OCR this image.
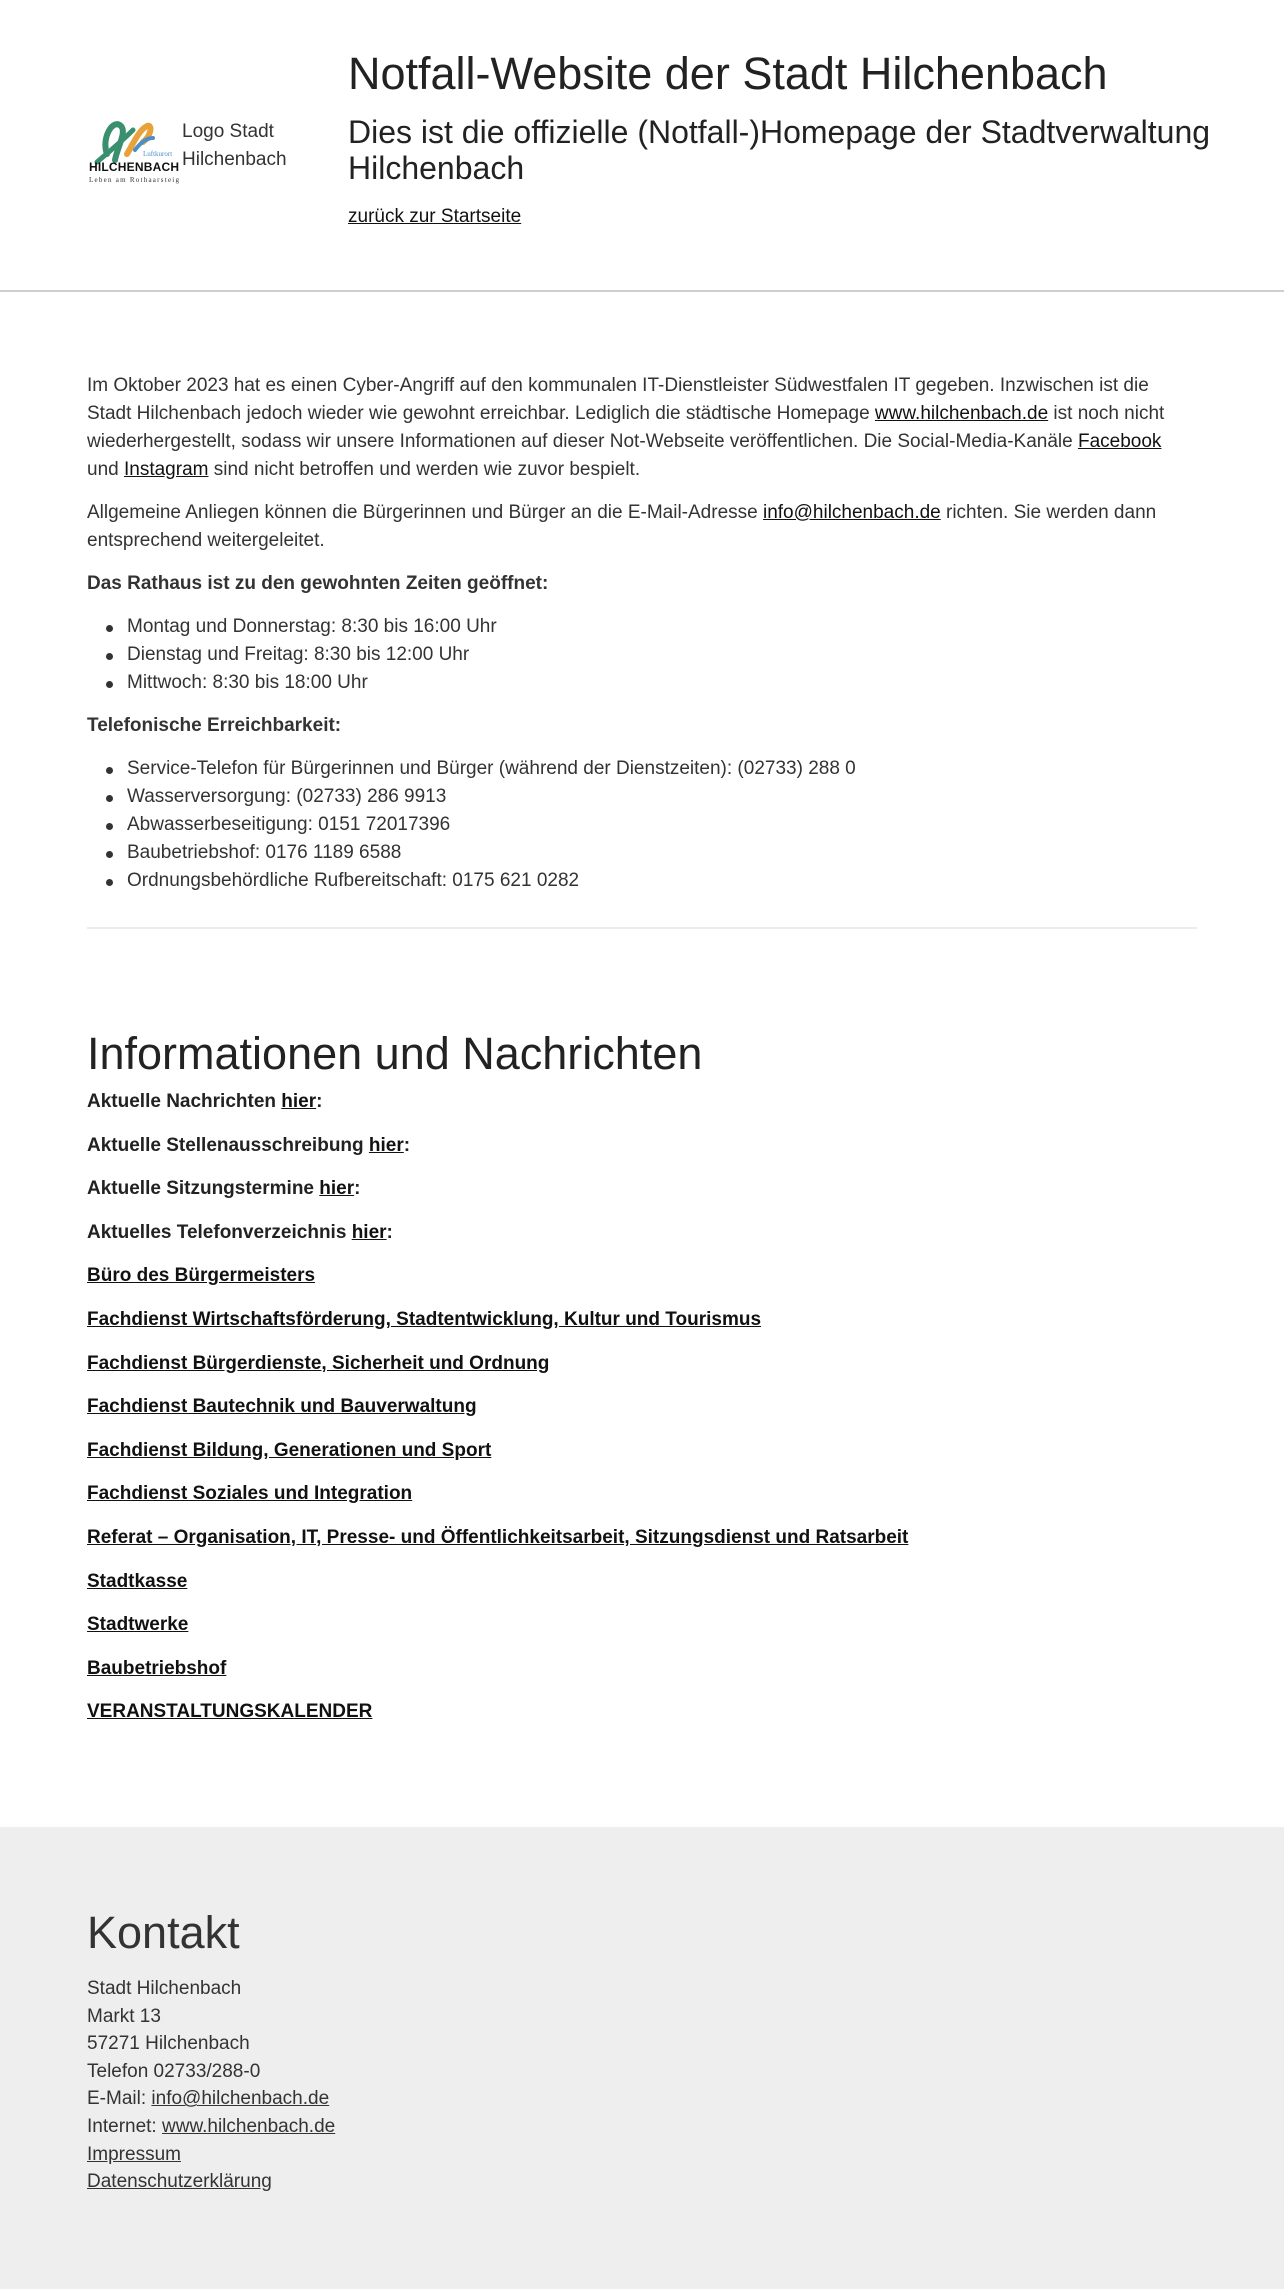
Luftkurort
HILCHENBACH
Leben am Rothaarsteig
Logo Stadt Hilchenbach
Notfall-Website der Stadt Hilchenbach
Dies ist die offizielle (Notfall-)Homepage der Stadtverwaltung Hilchenbach
zurück zur Startseite

Im Oktober 2023 hat es einen Cyber-Angriff auf den kommunalen IT-Dienstleister Südwestfalen IT gegeben. Inzwischen ist die Stadt Hilchenbach jedoch wieder wie gewohnt erreichbar. Lediglich die städtische Homepage www.hilchenbach.de ist noch nicht wiederhergestellt, sodass wir unsere Informationen auf dieser Not-Webseite veröffentlichen. Die Social-Media-Kanäle Facebook und Instagram sind nicht betroffen und werden wie zuvor bespielt.

Allgemeine Anliegen können die Bürgerinnen und Bürger an die E-Mail-Adresse info@hilchenbach.de richten. Sie werden dann entsprechend weitergeleitet.

Das Rathaus ist zu den gewohnten Zeiten geöffnet:

Montag und Donnerstag: 8:30 bis 16:00 Uhr
Dienstag und Freitag: 8:30 bis 12:00 Uhr
Mittwoch: 8:30 bis 18:00 Uhr

Telefonische Erreichbarkeit:

Service-Telefon für Bürgerinnen und Bürger (während der Dienstzeiten): (02733) 288 0
Wasserversorgung: (02733) 286 9913
Abwasserbeseitigung: 0151 72017396
Baubetriebshof: 0176 1189 6588
Ordnungsbehördliche Rufbereitschaft: 0175 621 0282
Informationen und Nachrichten

Aktuelle Nachrichten hier:

Aktuelle Stellenausschreibung hier:

Aktuelle Sitzungstermine hier:

Aktuelles Telefonverzeichnis hier:

Büro des Bürgermeisters
Fachdienst Wirtschaftsförderung, Stadtentwicklung, Kultur und Tourismus
Fachdienst Bürgerdienste, Sicherheit und Ordnung
Fachdienst Bautechnik und Bauverwaltung
Fachdienst Bildung, Generationen und Sport
Fachdienst Soziales und Integration
Referat – Organisation, IT, Presse- und Öffentlichkeitsarbeit, Sitzungsdienst und Ratsarbeit
Stadtkasse
Stadtwerke
Baubetriebshof
VERANSTALTUNGSKALENDER
Kontakt
Stadt Hilchenbach
Markt 13
57271 Hilchenbach
Telefon 02733/288-0
E-Mail: info@hilchenbach.de
Internet: www.hilchenbach.de
Impressum
Datenschutzerklärung
